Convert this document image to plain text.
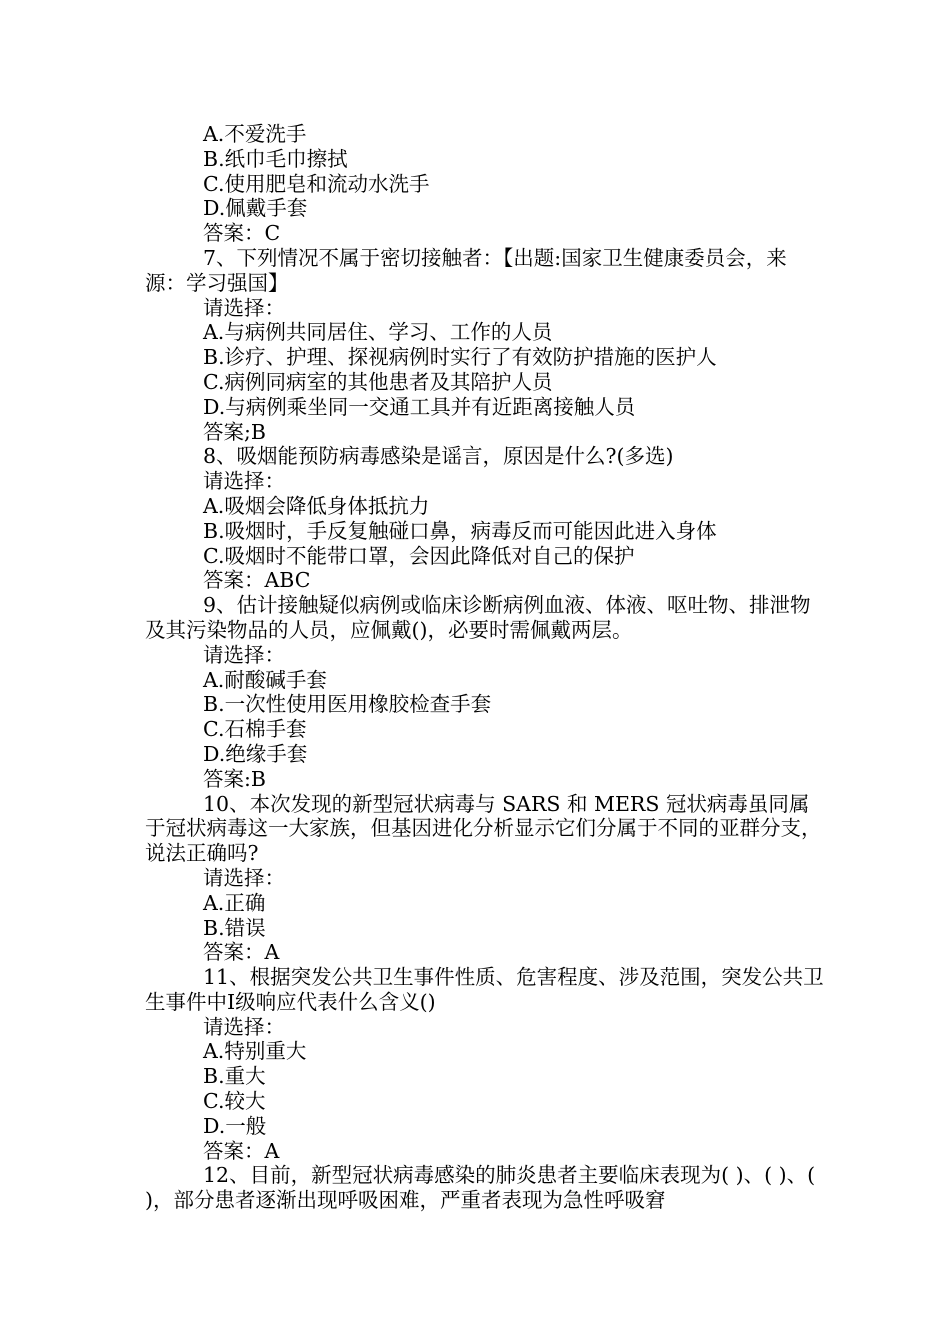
A.不爱洗手
B.纸巾毛巾擦拭
C.使用肥皂和流动水洗手
D.佩戴手套
答案：C
7、下列情况不属于密切接触者：【出题:国家卫生健康委员会，来源：学习强国】
请选择：
A.与病例共同居住、学习、工作的人员
B.诊疗、护理、探视病例时实行了有效防护措施的医护人
C.病例同病室的其他患者及其陪护人员
D.与病例乘坐同一交通工具并有近距离接触人员
答案;B
8、吸烟能预防病毒感染是谣言，原因是什么?(多选)
请选择：
A.吸烟会降低身体抵抗力
B.吸烟时，手反复触碰口鼻，病毒反而可能因此进入身体
C.吸烟时不能带口罩，会因此降低对自己的保护
答案：ABC
9、估计接触疑似病例或临床诊断病例血液、体液、呕吐物、排泄物及其污染物品的人员，应佩戴()，必要时需佩戴两层。
请选择：
A.耐酸碱手套
B.一次性使用医用橡胶检查手套
C.石棉手套
D.绝缘手套
答案:B
10、本次发现的新型冠状病毒与 SARS 和 MERS 冠状病毒虽同属于冠状病毒这一大家族，但基因进化分析显示它们分属于不同的亚群分支，说法正确吗?
请选择：
A.正确
B.错误
答案：A
11、根据突发公共卫生事件性质、危害程度、涉及范围，突发公共卫生事件中Ⅰ级响应代表什么含义()
请选择：
A.特别重大
B.重大
C.较大
D.一般
答案：A
12、目前，新型冠状病毒感染的肺炎患者主要临床表现为( )、( )、( )，部分患者逐渐出现呼吸困难，严重者表现为急性呼吸窘
